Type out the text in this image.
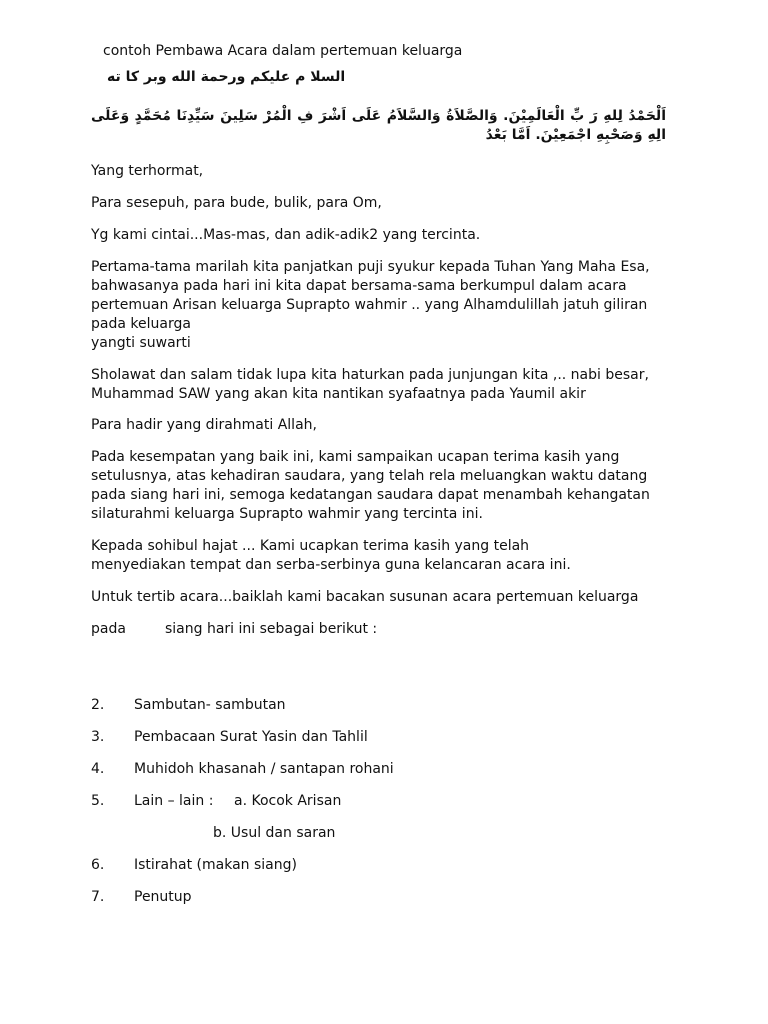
contoh Pembawa Acara dalam pertemuan keluarga
السلا م عليكم ورحمة الله وبر كا ته
اَلْحَمْدُ لِلهِ رَ بِّ الْعَالَمِيْنَ. وَالصَّلاَةُ وَالسَّلاَمُ عَلَى اَشْرَ فِ الْمُرْ سَلِينَ سَيِّدِنَا مُحَمَّدٍ وَعَلَى الِهِ وَصَحْبِهِ اجْمَعِيْنَ. اَمَّا بَعْدُ

Yang terhormat,

Para sesepuh, para bude, bulik, para Om,

Yg kami cintai...Mas-mas, dan adik-adik2 yang tercinta.

Pertama-tama marilah kita panjatkan puji syukur kepada Tuhan Yang Maha Esa,
bahwasanya pada hari ini kita dapat bersama-sama berkumpul dalam acara
pertemuan Arisan keluarga Suprapto wahmir .. yang Alhamdulillah jatuh giliran
pada keluarga
yangti suwarti
Sholawat dan salam tidak lupa kita haturkan pada junjungan kita ,.. nabi besar,
Muhammad SAW yang akan kita nantikan syafaatnya pada Yaumil akir

Para hadir yang dirahmati Allah,

Pada kesempatan yang baik ini, kami sampaikan ucapan terima kasih yang
setulusnya, atas kehadiran saudara, yang telah rela meluangkan waktu datang
pada siang hari ini, semoga kedatangan saudara dapat menambah kehangatan
silaturahmi keluarga Suprapto wahmir yang tercinta ini.
Kepada sohibul hajat ... Kami ucapkan terima kasih yang telah
menyediakan tempat dan serba-serbinya guna kelancaran acara ini.

Untuk tertib acara...baiklah kami bacakan susunan acara pertemuan keluarga

pada	siang hari ini sebagai berikut :
2. Sambutan- sambutan
3. Pembacaan Surat Yasin dan Tahlil
4. Muhidoh khasanah / santapan rohani
5. Lain – lain : a. Kocok Arisan
b. Usul dan saran
6. Istirahat (makan siang)
7. Penutup
